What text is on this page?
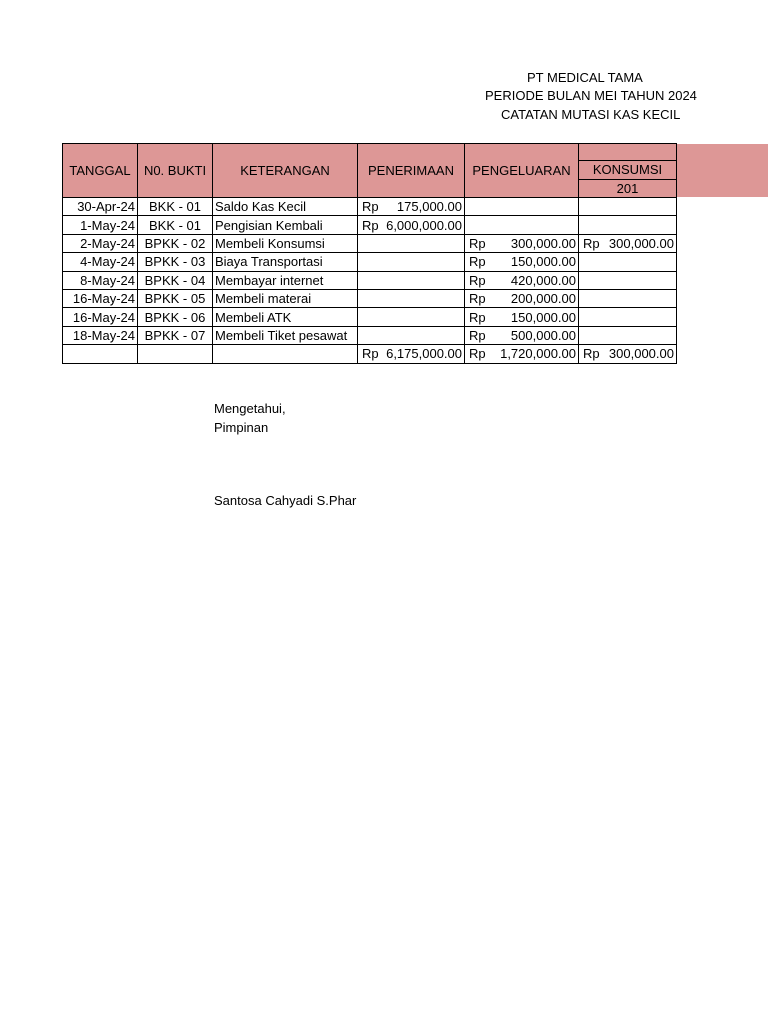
PT MEDICAL TAMA
PERIODE BULAN MEI TAHUN 2024
CATATAN MUTASI KAS KECIL
TANGGAL	N0. BUKTI	KETERANGAN	PENERIMAAN	PENGELUARAN	KONSUMSI
201

30-Apr-24	BKK - 01	Saldo Kas Kecil	Rp 175,000.00		

1-May-24	BKK - 01	Pengisian Kembali	Rp 6,000,000.00		

2-May-24	BPKK - 02	Membeli Konsumsi		Rp 300,000.00	Rp 300,000.00

4-May-24	BPKK - 03	Biaya Transportasi		Rp 150,000.00	

8-May-24	BPKK - 04	Membayar internet		Rp 420,000.00	

16-May-24	BPKK - 05	Membeli materai		Rp 200,000.00	

16-May-24	BPKK - 06	Membeli ATK		Rp 150,000.00	

18-May-24	BPKK - 07	Membeli Tiket pesawat		Rp 500,000.00	

			Rp 6,175,000.00	Rp 1,720,000.00	Rp 300,000.00
Mengetahui,
Pimpinan
Santosa Cahyadi S.Phar
